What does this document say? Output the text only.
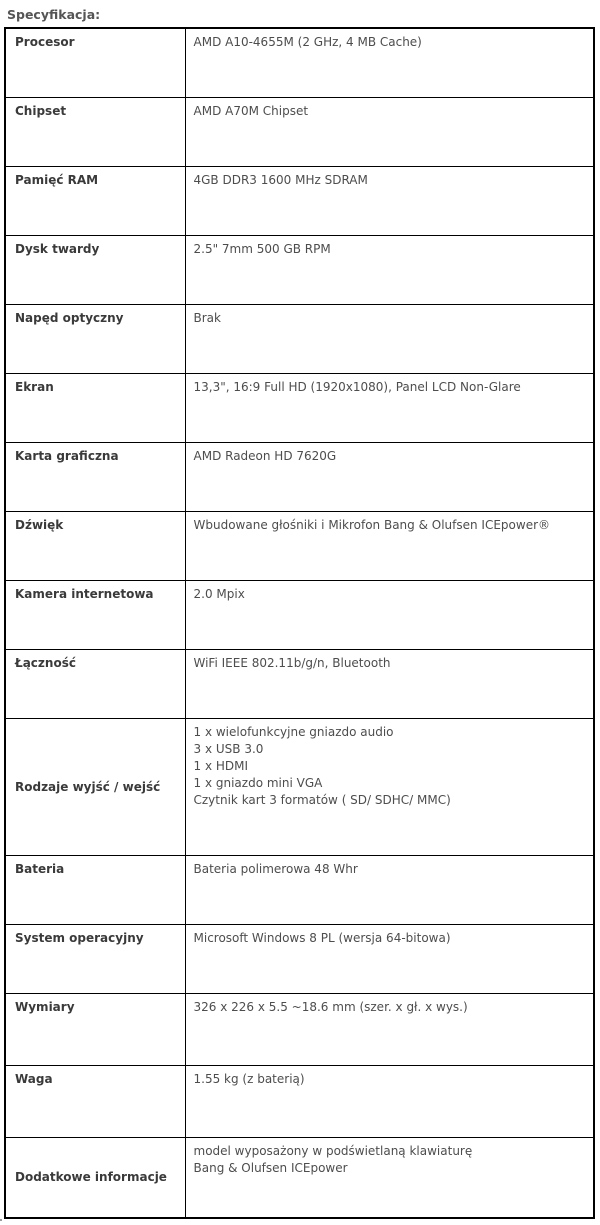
Specyfikacja:

Procesor	AMD A10-4655M (2 GHz, 4 MB Cache)
Chipset	AMD A70M Chipset
Pamięć RAM	4GB DDR3 1600 MHz SDRAM
Dysk twardy	2.5" 7mm 500 GB RPM
Napęd optyczny	Brak
Ekran	13,3", 16:9 Full HD (1920x1080), Panel LCD Non-Glare
Karta graficzna	AMD Radeon HD 7620G
Dźwięk	Wbudowane głośniki i Mikrofon Bang & Olufsen ICEpower®
Kamera internetowa	2.0 Mpix
Łączność	WiFi IEEE 802.11b/g/n, Bluetooth
Rodzaje wyjść / wejść	1 x wielofunkcyjne gniazdo audio
3 x USB 3.0
1 x HDMI
1 x gniazdo mini VGA
Czytnik kart 3 formatów ( SD/ SDHC/ MMC)

Bateria	Bateria polimerowa 48 Whr
System operacyjny	Microsoft Windows 8 PL (wersja 64-bitowa)
Wymiary	326 x 226 x 5.5 ~18.6 mm (szer. x gł. x wys.)
Waga	1.55 kg (z baterią)
Dodatkowe informacje	model wyposażony w podświetlaną klawiaturę
Bang & Olufsen ICEpower
